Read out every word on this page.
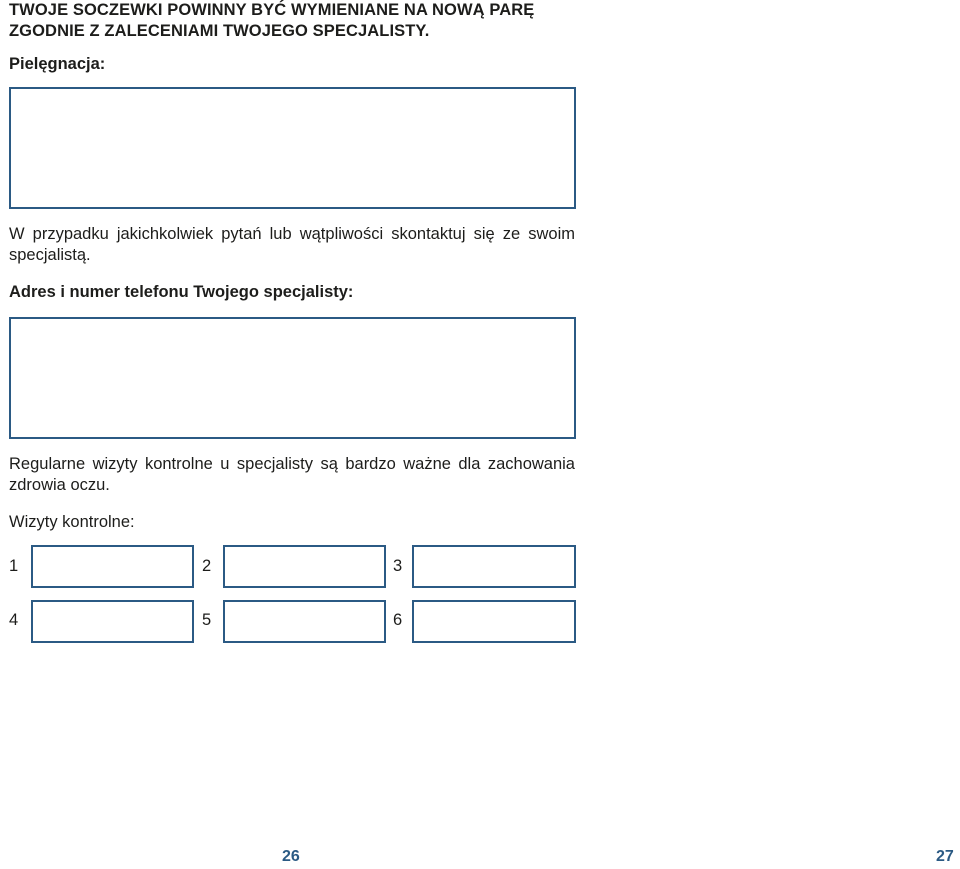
TWOJE SOCZEWKI POWINNY BYĆ WYMIENIANE NA NOWĄ PARĘ ZGODNIE Z ZALECENIAMI TWOJEGO SPECJALISTY.
Pielęgnacja:
W przypadku jakichkolwiek pytań lub wątpliwości skontaktuj się ze swoim specjalistą.
Adres i numer telefonu Twojego specjalisty:
Regularne wizyty kontrolne u specjalisty są bardzo ważne dla zachowania zdrowia oczu.
Wizyty kontrolne:
1	2	3
4	5	6
26	27
